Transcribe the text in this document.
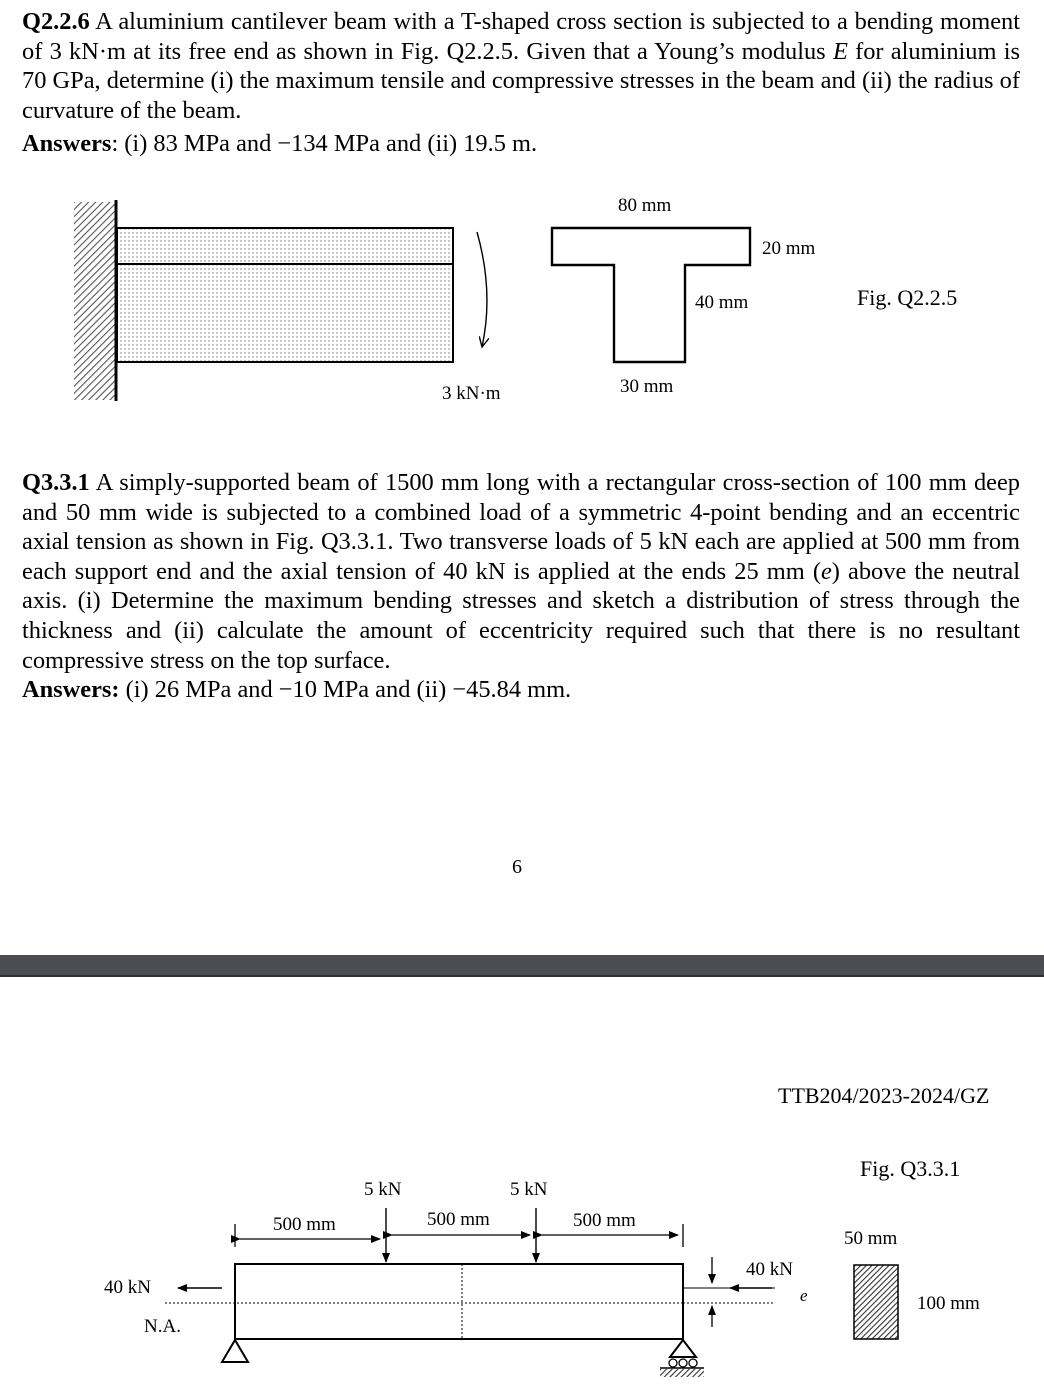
Q2.2.6 A aluminium cantilever beam with a T-shaped cross section is subjected to a bending moment of 3 kN·m at its free end as shown in Fig. Q2.2.5. Given that a Young’s modulus E for aluminium is 70 GPa, determine (i) the maximum tensile and compressive stresses in the beam and (ii) the radius of curvature of the beam.

Answers: (i) 83 MPa and −134 MPa and (ii) 19.5 m.

3 kN·m
80 mm
20 mm
40 mm
30 mm
Fig. Q2.2.5

Q3.3.1 A simply-supported beam of 1500 mm long with a rectangular cross-section of 100 mm deep and 50 mm wide is subjected to a combined load of a symmetric 4-point bending and an eccentric axial tension as shown in Fig. Q3.3.1. Two transverse loads of 5 kN each are applied at 500 mm from each support end and the axial tension of 40 kN is applied at the ends 25 mm (e) above the neutral axis. (i) Determine the maximum bending stresses and sketch a distribution of stress through the thickness and (ii) calculate the amount of eccentricity required such that there is no resultant compressive stress on the top surface.

Answers: (i) 26 MPa and −10 MPa and (ii) −45.84 mm.

6
TTB204/2023-2024/GZ
5 kN	5 kN
500 mm	500 mm	500 mm
40 kN
N.A.
40 kN
e
Fig. Q3.3.1
50 mm
100 mm
